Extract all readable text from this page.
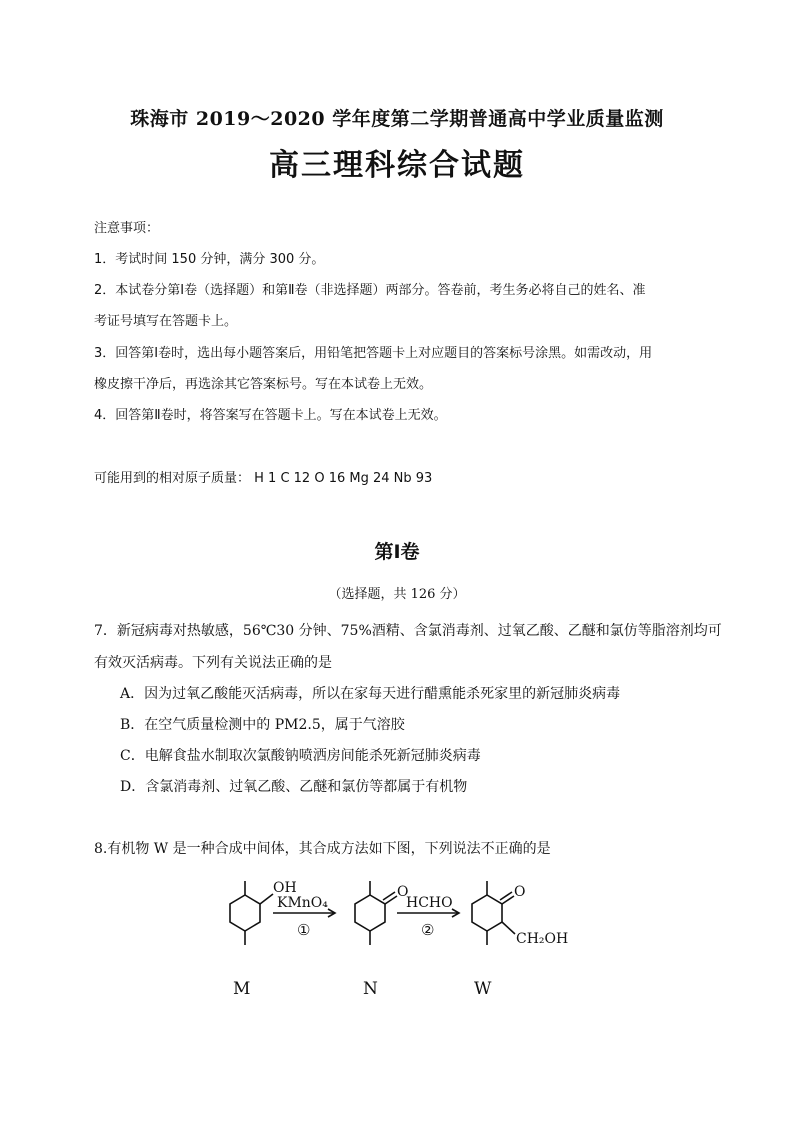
珠海市 2019～2020 学年度第二学期普通高中学业质量监测
高三理科综合试题
注意事项：
1．考试时间 150 分钟，满分 300 分。
2．本试卷分第Ⅰ卷（选择题）和第Ⅱ卷（非选择题）两部分。答卷前，考生务必将自己的姓名、准
考证号填写在答题卡上。
3．回答第Ⅰ卷时，选出每小题答案后，用铅笔把答题卡上对应题目的答案标号涂黑。如需改动，用
橡皮擦干净后，再选涂其它答案标号。写在本试卷上无效。
4．回答第Ⅱ卷时，将答案写在答题卡上。写在本试卷上无效。
可能用到的相对原子质量： H 1 C 12 O 16 Mg 24 Nb 93
第Ⅰ卷
（选择题，共 126 分）
7．新冠病毒对热敏感，56℃30 分钟、75%酒精、含氯消毒剂、过氧乙酸、乙醚和氯仿等脂溶剂均可
有效灭活病毒。下列有关说法正确的是
A．因为过氧乙酸能灭活病毒，所以在家每天进行醋熏能杀死家里的新冠肺炎病毒
B．在空气质量检测中的 PM2.5，属于气溶胶
C．电解食盐水制取次氯酸钠喷洒房间能杀死新冠肺炎病毒
D．含氯消毒剂、过氧乙酸、乙醚和氯仿等都属于有机物
8.有机物 W 是一种合成中间体，其合成方法如下图，下列说法不正确的是
OH
KMnO₄
①
O
HCHO
②
O
CH₂OH
M	N	W
